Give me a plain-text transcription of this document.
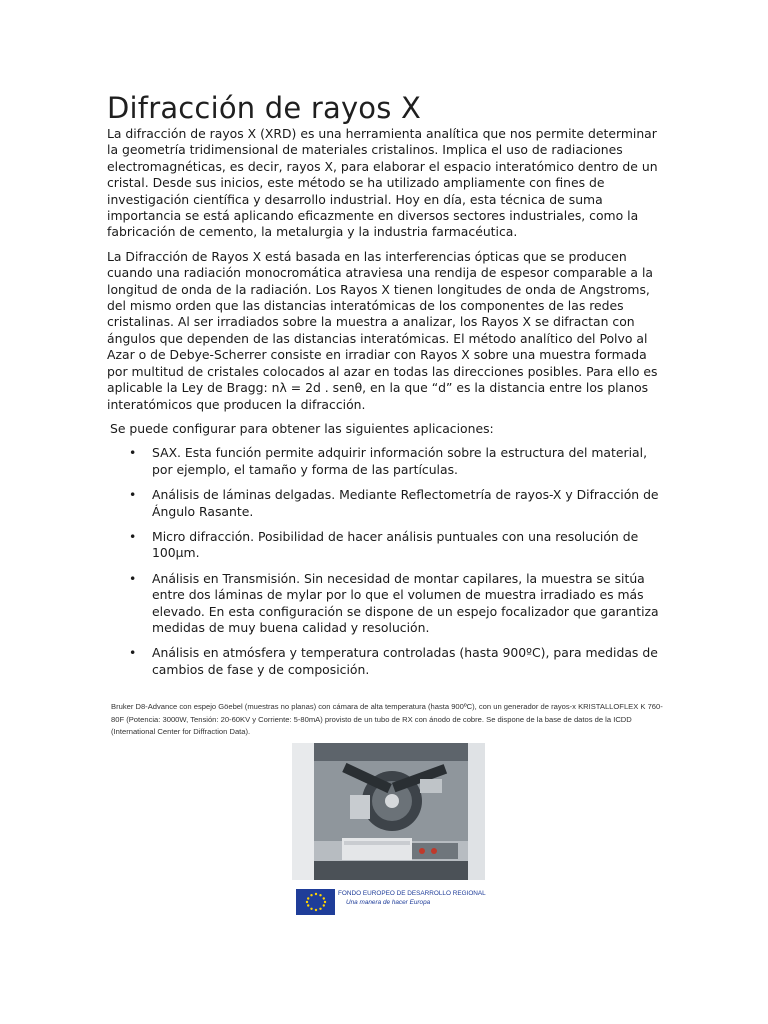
Difracción de rayos X

La difracción de rayos X (XRD) es una herramienta analítica que nos permite determinar la geometría tridimensional de materiales cristalinos. Implica el uso de radiaciones electromagnéticas, es decir, rayos X, para elaborar el espacio interatómico dentro de un cristal. Desde sus inicios, este método se ha utilizado ampliamente con fines de investigación científica y desarrollo industrial. Hoy en día, esta técnica de suma importancia se está aplicando eficazmente en diversos sectores industriales, como la fabricación de cemento, la metalurgia y la industria farmacéutica.

La Difracción de Rayos X está basada en las interferencias ópticas que se producen cuando una radiación monocromática atraviesa una rendija de espesor comparable a la longitud de onda de la radiación. Los Rayos X tienen longitudes de onda de Angstroms, del mismo orden que las distancias interatómicas de los componentes de las redes cristalinas. Al ser irradiados sobre la muestra a analizar, los Rayos X se difractan con ángulos que dependen de las distancias interatómicas. El método analítico del Polvo al Azar o de Debye-Scherrer consiste en irradiar con Rayos X sobre una muestra formada por multitud de cristales colocados al azar en todas las direcciones posibles. Para ello es aplicable la Ley de Bragg: nλ = 2d . senθ, en la que “d” es la distancia entre los planos interatómicos que producen la difracción.

Se puede configurar para obtener las siguientes aplicaciones:

• SAX. Esta función permite adquirir información sobre la estructura del material, por ejemplo, el tamaño y forma de las partículas.
• Análisis de láminas delgadas. Mediante Reflectometría de rayos-X y Difracción de Ángulo Rasante.
• Micro difracción. Posibilidad de hacer análisis puntuales con una resolución de 100μm.
• Análisis en Transmisión. Sin necesidad de montar capilares, la muestra se sitúa entre dos láminas de mylar por lo que el volumen de muestra irradiado es más elevado. En esta configuración se dispone de un espejo focalizador que garantiza medidas de muy buena calidad y resolución.
• Análisis en atmósfera y temperatura controladas (hasta 900ºC), para medidas de cambios de fase y de composición.
Bruker D8-Advance con espejo Göebel (muestras no planas) con cámara de alta temperatura (hasta 900ºC), con un generador de rayos-x KRISTALLOFLEX K 760-80F (Potencia: 3000W, Tensión: 20-60KV y Corriente: 5-80mA) provisto de un tubo de RX con ánodo de cobre. Se dispone de la base de datos de la ICDD (International Center for Diffraction Data).
FONDO EUROPEO DE DESARROLLO REGIONAL
Una manera de hacer Europa
